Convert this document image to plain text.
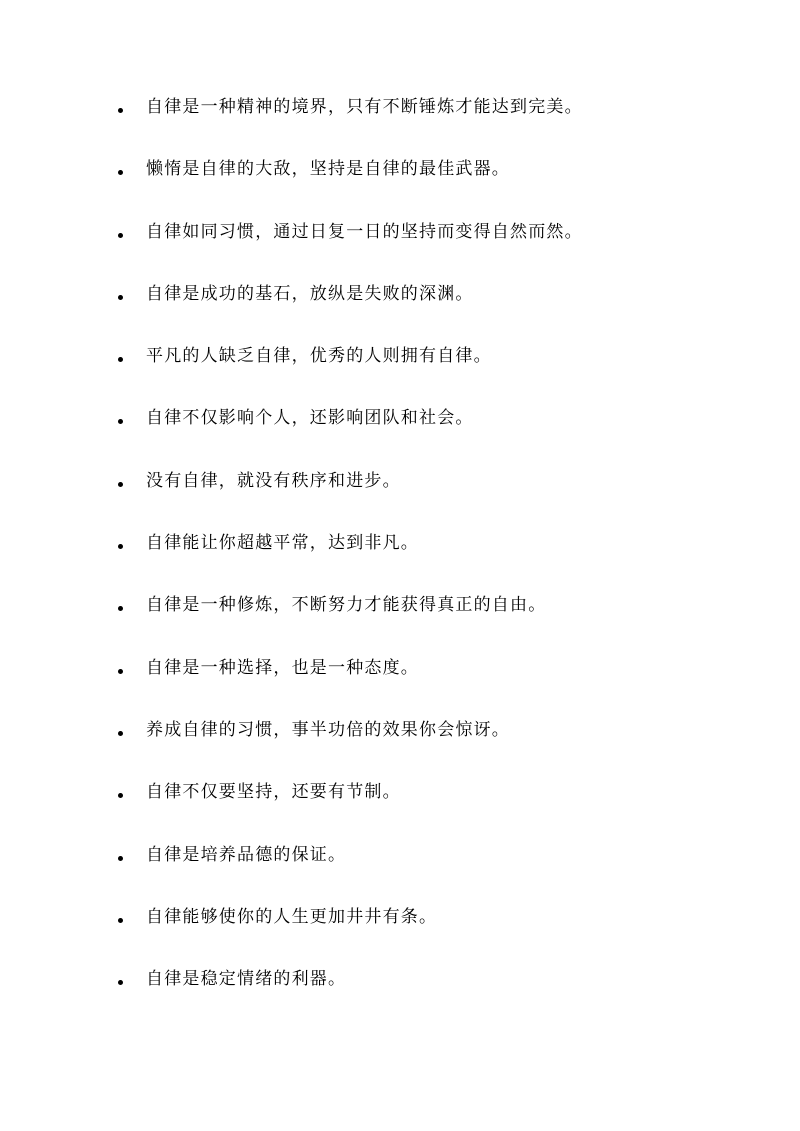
自律是一种精神的境界，只有不断锤炼才能达到完美。
懒惰是自律的大敌，坚持是自律的最佳武器。
自律如同习惯，通过日复一日的坚持而变得自然而然。
自律是成功的基石，放纵是失败的深渊。
平凡的人缺乏自律，优秀的人则拥有自律。
自律不仅影响个人，还影响团队和社会。
没有自律，就没有秩序和进步。
自律能让你超越平常，达到非凡。
自律是一种修炼，不断努力才能获得真正的自由。
自律是一种选择，也是一种态度。
养成自律的习惯，事半功倍的效果你会惊讶。
自律不仅要坚持，还要有节制。
自律是培养品德的保证。
自律能够使你的人生更加井井有条。
自律是稳定情绪的利器。
